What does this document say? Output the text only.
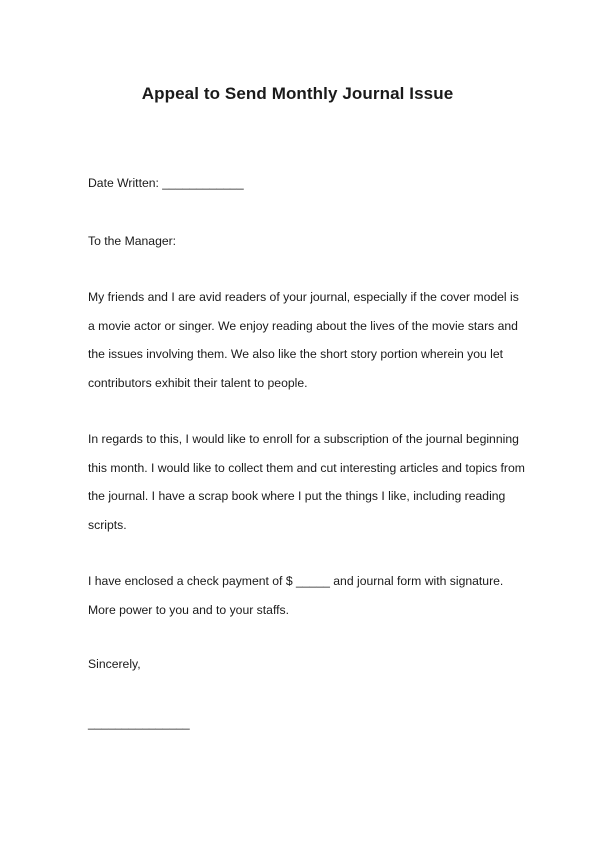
Appeal to Send Monthly Journal Issue

Date Written: ____________

To the Manager:

My friends and I are avid readers of your journal, especially if the cover model is a movie actor or singer. We enjoy reading about the lives of the movie stars and the issues involving them. We also like the short story portion wherein you let contributors exhibit their talent to people.

In regards to this, I would like to enroll for a subscription of the journal beginning this month. I would like to collect them and cut interesting articles and topics from the journal. I have a scrap book where I put the things I like, including reading scripts.

I have enclosed a check payment of $ _____ and journal form with signature. More power to you and to your staffs.

Sincerely,

_______________
